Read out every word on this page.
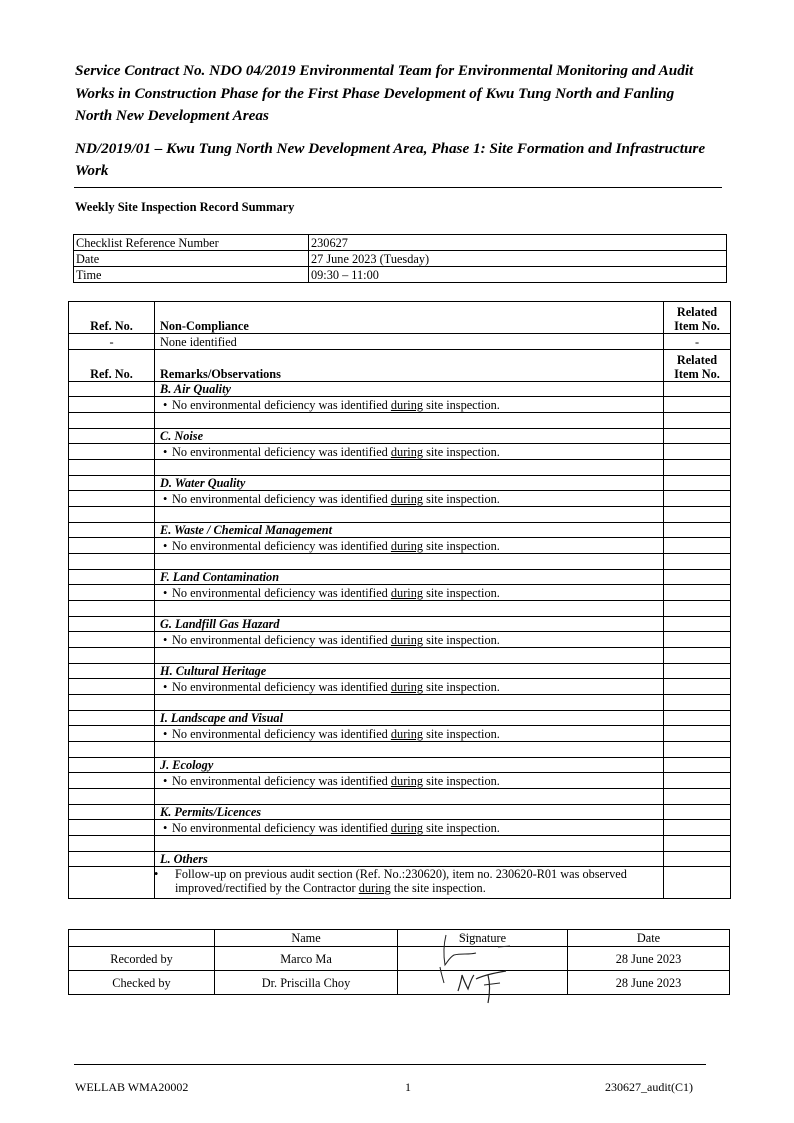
Service Contract No. NDO 04/2019 Environmental Team for Environmental Monitoring and Audit Works in Construction Phase for the First Phase Development of Kwu Tung North and Fanling North New Development Areas

ND/2019/01 – Kwu Tung North New Development Area, Phase 1: Site Formation and Infrastructure Work

Weekly Site Inspection Record Summary
Checklist Reference Number	230627
Date	27 June 2023 (Tuesday)
Time	09:30 – 11:00
Ref. No.	Non-Compliance	Related Item No.
-	None identified	-
Ref. No.	Remarks/Observations	Related Item No.
	B. Air Quality	
	• No environmental deficiency was identified during site inspection.	

	C. Noise	
	• No environmental deficiency was identified during site inspection.	

	D. Water Quality	
	• No environmental deficiency was identified during site inspection.	

	E. Waste / Chemical Management	
	• No environmental deficiency was identified during site inspection.	

	F. Land Contamination	
	• No environmental deficiency was identified during site inspection.	

	G. Landfill Gas Hazard	
	• No environmental deficiency was identified during site inspection.	

	H. Cultural Heritage	
	• No environmental deficiency was identified during site inspection.	

	I. Landscape and Visual	
	• No environmental deficiency was identified during site inspection.	

	J. Ecology	
	• No environmental deficiency was identified during site inspection.	

	K. Permits/Licences	
	• No environmental deficiency was identified during site inspection.	

	L. Others	
	• Follow-up on previous audit section (Ref. No.:230620), item no. 230620-R01 was observed improved/rectified by the Contractor during the site inspection.	
	Name	Signature	Date
Recorded by	Marco Ma		28 June 2023
Checked by	Dr. Priscilla Choy		28 June 2023
WELLAB WMA20002	1	230627_audit(C1)
